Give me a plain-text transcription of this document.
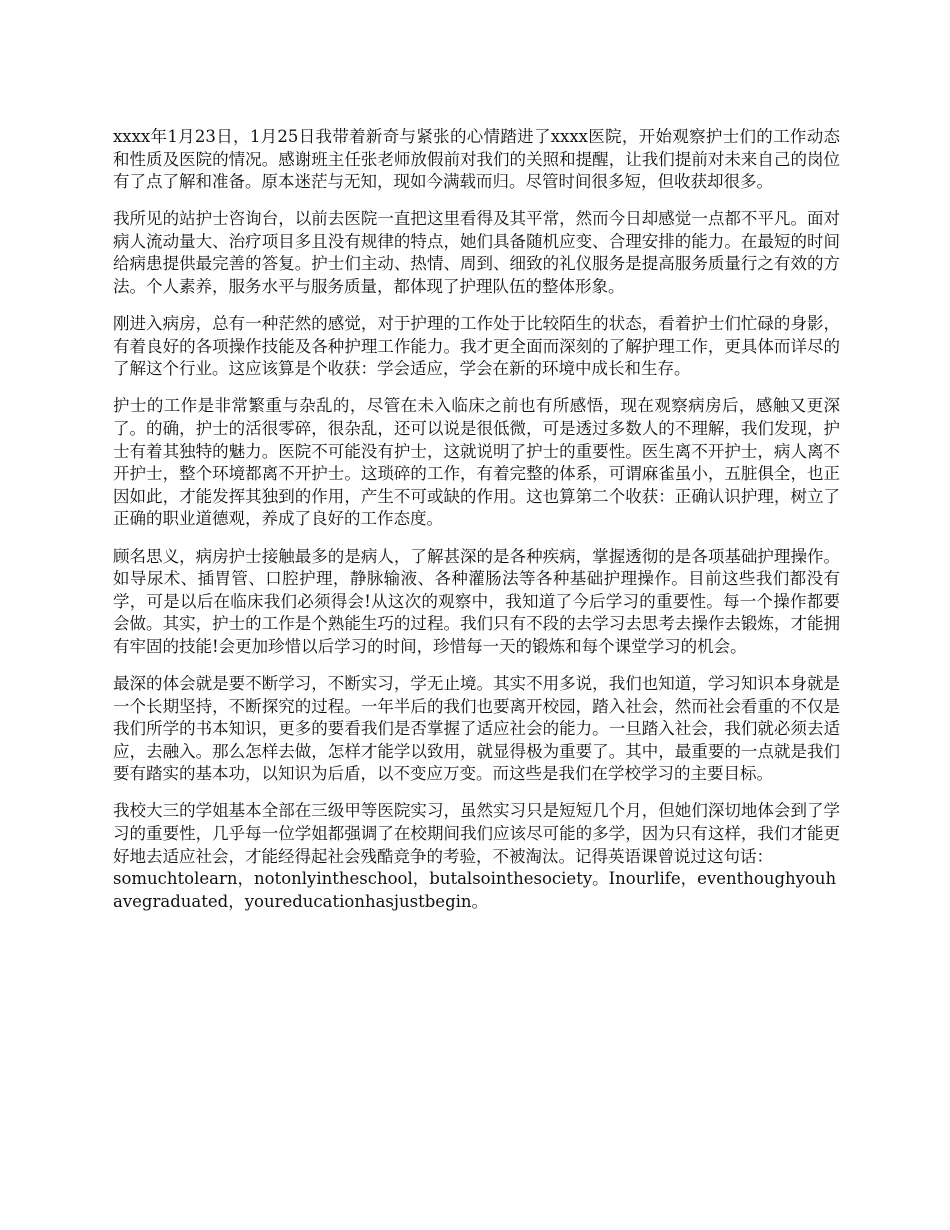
xxxx年1月23日，1月25日我带着新奇与紧张的心情踏进了xxxx医院，开始观察护士们的工作动态和性质及医院的情况。感谢班主任张老师放假前对我们的关照和提醒，让我们提前对未来自己的岗位有了点了解和准备。原本迷茫与无知，现如今满载而归。尽管时间很多短，但收获却很多。

我所见的站护士咨询台，以前去医院一直把这里看得及其平常，然而今日却感觉一点都不平凡。面对病人流动量大、治疗项目多且没有规律的特点，她们具备随机应变、合理安排的能力。在最短的时间给病患提供最完善的答复。护士们主动、热情、周到、细致的礼仪服务是提高服务质量行之有效的方法。个人素养，服务水平与服务质量，都体现了护理队伍的整体形象。

刚进入病房，总有一种茫然的感觉，对于护理的工作处于比较陌生的状态，看着护士们忙碌的身影，有着良好的各项操作技能及各种护理工作能力。我才更全面而深刻的了解护理工作，更具体而详尽的了解这个行业。这应该算是个收获：学会适应，学会在新的环境中成长和生存。

护士的工作是非常繁重与杂乱的，尽管在未入临床之前也有所感悟，现在观察病房后，感触又更深了。的确，护士的活很零碎，很杂乱，还可以说是很低微，可是透过多数人的不理解，我们发现，护士有着其独特的魅力。医院不可能没有护士，这就说明了护士的重要性。医生离不开护士，病人离不开护士，整个环境都离不开护士。这琐碎的工作，有着完整的体系，可谓麻雀虽小，五脏俱全，也正因如此，才能发挥其独到的作用，产生不可或缺的作用。这也算第二个收获：正确认识护理，树立了正确的职业道德观，养成了良好的工作态度。

顾名思义，病房护士接触最多的是病人，了解甚深的是各种疾病，掌握透彻的是各项基础护理操作。如导尿术、插胃管、口腔护理，静脉输液、各种灌肠法等各种基础护理操作。目前这些我们都没有学，可是以后在临床我们必须得会!从这次的观察中，我知道了今后学习的重要性。每一个操作都要会做。其实，护士的工作是个熟能生巧的过程。我们只有不段的去学习去思考去操作去锻炼，才能拥有牢固的技能!会更加珍惜以后学习的时间，珍惜每一天的锻炼和每个课堂学习的机会。

最深的体会就是要不断学习，不断实习，学无止境。其实不用多说，我们也知道，学习知识本身就是一个长期坚持，不断探究的过程。一年半后的我们也要离开校园，踏入社会，然而社会看重的不仅是我们所学的书本知识，更多的要看我们是否掌握了适应社会的能力。一旦踏入社会，我们就必须去适应，去融入。那么怎样去做，怎样才能学以致用，就显得极为重要了。其中，最重要的一点就是我们要有踏实的基本功，以知识为后盾，以不变应万变。而这些是我们在学校学习的主要目标。

我校大三的学姐基本全部在三级甲等医院实习，虽然实习只是短短几个月，但她们深切地体会到了学习的重要性，几乎每一位学姐都强调了在校期间我们应该尽可能的多学，因为只有这样，我们才能更好地去适应社会，才能经得起社会残酷竞争的考验，不被淘汰。记得英语课曾说过这句话：

somuchtolearn，notonlyintheschool，butalsointhesociety。Inourlife，eventhoughyouhavegraduated，youreducationhasjustbegin。
